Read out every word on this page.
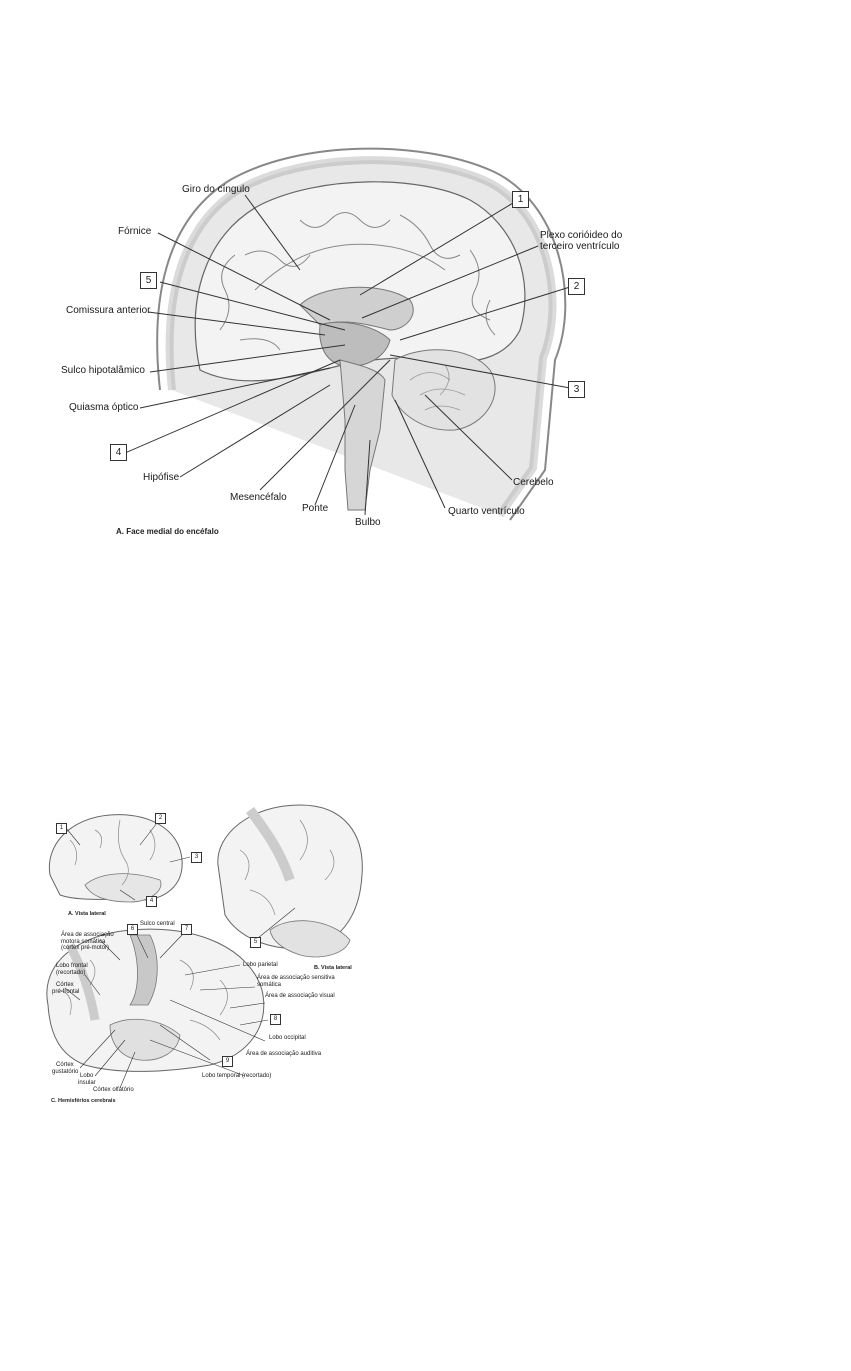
Giro do cíngulo
Fórnice
Comissura anterior
Sulco hipotalâmico
Quiasma óptico
Hipófise
Mesencéfalo
Ponte
Bulbo
Quarto ventrículo
Cerebelo
Plexo corióideo do
terceiro ventrículo
1
2
3
4
5
A. Face medial do encéfalo
1
2
3
4
5
6	7
8
9
A. Vista lateral
B. Vista lateral
C. Hemisférios cerebrais
Sulco central
Área de associação
motora somática
(córtex pré-motor)
Lobo frontal
(recortado)
Córtex
pré-frontal
Lobo parietal
Área de associação sensitiva
somática
Área de associação visual
Lobo occipital
Área de associação auditiva
Lobo temporal (recortado)
Córtex
gustatório
Lobo
insular
Córtex olfatório
